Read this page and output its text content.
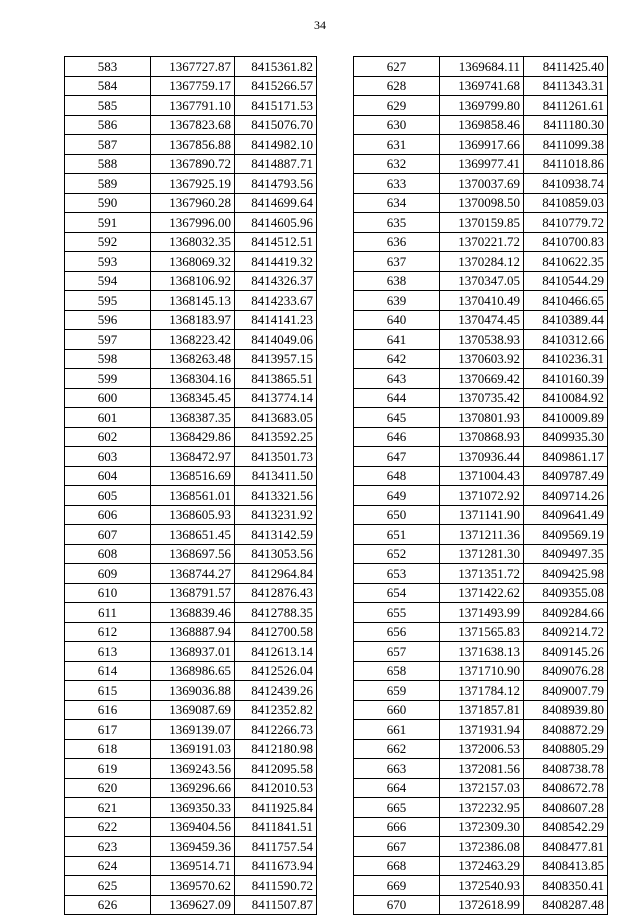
34
583	1367727.87	8415361.82
584	1367759.17	8415266.57
585	1367791.10	8415171.53
586	1367823.68	8415076.70
587	1367856.88	8414982.10
588	1367890.72	8414887.71
589	1367925.19	8414793.56
590	1367960.28	8414699.64
591	1367996.00	8414605.96
592	1368032.35	8414512.51
593	1368069.32	8414419.32
594	1368106.92	8414326.37
595	1368145.13	8414233.67
596	1368183.97	8414141.23
597	1368223.42	8414049.06
598	1368263.48	8413957.15
599	1368304.16	8413865.51
600	1368345.45	8413774.14
601	1368387.35	8413683.05
602	1368429.86	8413592.25
603	1368472.97	8413501.73
604	1368516.69	8413411.50
605	1368561.01	8413321.56
606	1368605.93	8413231.92
607	1368651.45	8413142.59
608	1368697.56	8413053.56
609	1368744.27	8412964.84
610	1368791.57	8412876.43
611	1368839.46	8412788.35
612	1368887.94	8412700.58
613	1368937.01	8412613.14
614	1368986.65	8412526.04
615	1369036.88	8412439.26
616	1369087.69	8412352.82
617	1369139.07	8412266.73
618	1369191.03	8412180.98
619	1369243.56	8412095.58
620	1369296.66	8412010.53
621	1369350.33	8411925.84
622	1369404.56	8411841.51
623	1369459.36	8411757.54
624	1369514.71	8411673.94
625	1369570.62	8411590.72
626	1369627.09	8411507.87
627	1369684.11	8411425.40
628	1369741.68	8411343.31
629	1369799.80	8411261.61
630	1369858.46	8411180.30
631	1369917.66	8411099.38
632	1369977.41	8411018.86
633	1370037.69	8410938.74
634	1370098.50	8410859.03
635	1370159.85	8410779.72
636	1370221.72	8410700.83
637	1370284.12	8410622.35
638	1370347.05	8410544.29
639	1370410.49	8410466.65
640	1370474.45	8410389.44
641	1370538.93	8410312.66
642	1370603.92	8410236.31
643	1370669.42	8410160.39
644	1370735.42	8410084.92
645	1370801.93	8410009.89
646	1370868.93	8409935.30
647	1370936.44	8409861.17
648	1371004.43	8409787.49
649	1371072.92	8409714.26
650	1371141.90	8409641.49
651	1371211.36	8409569.19
652	1371281.30	8409497.35
653	1371351.72	8409425.98
654	1371422.62	8409355.08
655	1371493.99	8409284.66
656	1371565.83	8409214.72
657	1371638.13	8409145.26
658	1371710.90	8409076.28
659	1371784.12	8409007.79
660	1371857.81	8408939.80
661	1371931.94	8408872.29
662	1372006.53	8408805.29
663	1372081.56	8408738.78
664	1372157.03	8408672.78
665	1372232.95	8408607.28
666	1372309.30	8408542.29
667	1372386.08	8408477.81
668	1372463.29	8408413.85
669	1372540.93	8408350.41
670	1372618.99	8408287.48
